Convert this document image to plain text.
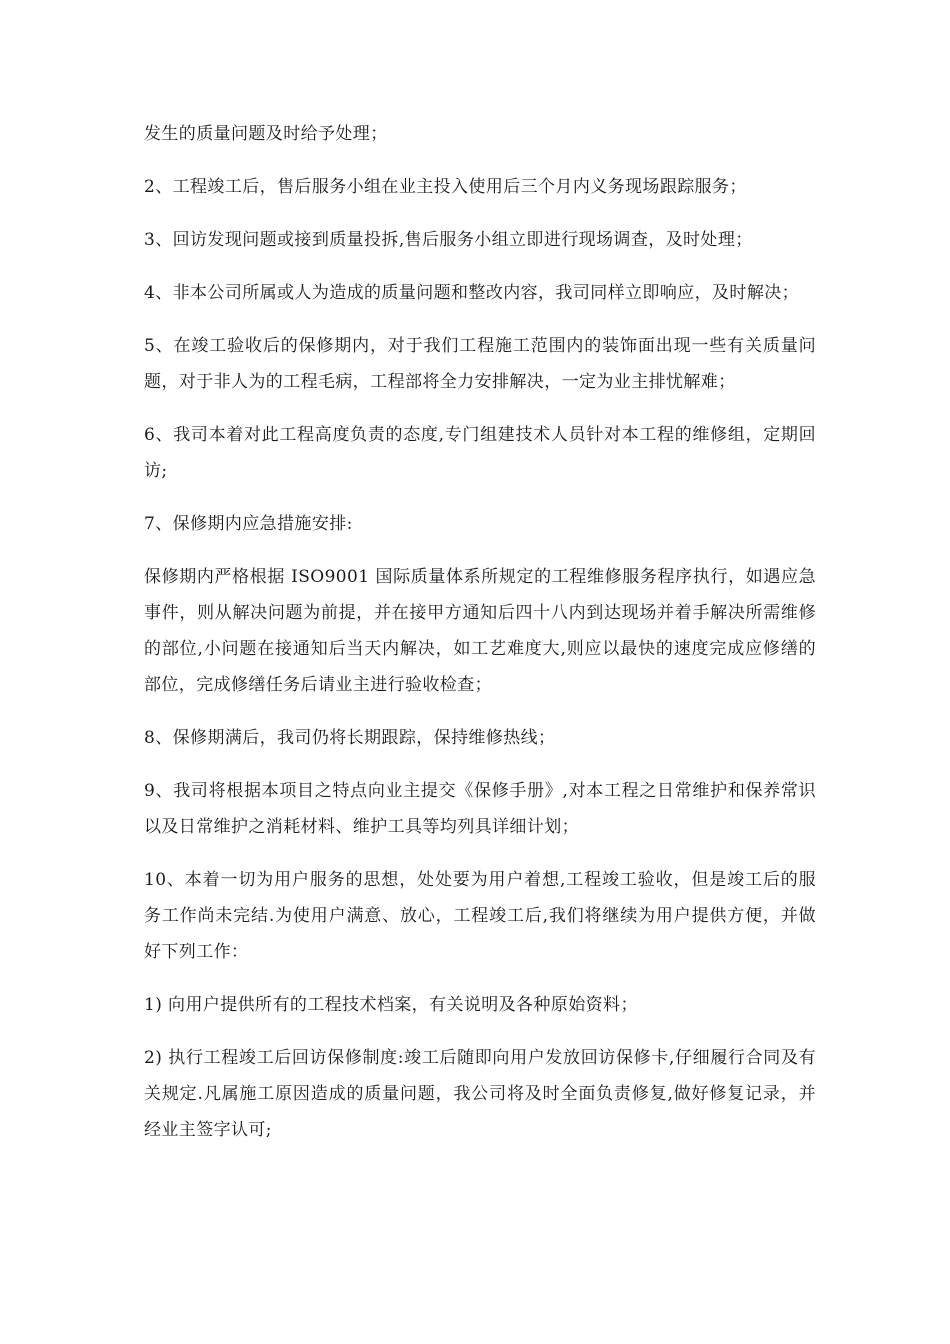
发生的质量问题及时给予处理；

2、工程竣工后，售后服务小组在业主投入使用后三个月内义务现场跟踪服务；

3、回访发现问题或接到质量投拆,售后服务小组立即进行现场调查，及时处理；

4、非本公司所属或人为造成的质量问题和整改内容，我司同样立即响应，及时解决；

5、在竣工验收后的保修期内，对于我们工程施工范围内的装饰面出现一些有关质量问题，对于非人为的工程毛病，工程部将全力安排解决，一定为业主排忧解难；

6、我司本着对此工程高度负责的态度,专门组建技术人员针对本工程的维修组，定期回访;

7、保修期内应急措施安排:

保修期内严格根据 ISO9001 国际质量体系所规定的工程维修服务程序执行，如遇应急事件，则从解决问题为前提，并在接甲方通知后四十八内到达现场并着手解决所需维修的部位,小问题在接通知后当天内解决，如工艺难度大,则应以最快的速度完成应修缮的部位，完成修缮任务后请业主进行验收检查；

8、保修期满后，我司仍将长期跟踪，保持维修热线；

9、我司将根据本项目之特点向业主提交《保修手册》,对本工程之日常维护和保养常识以及日常维护之消耗材料、维护工具等均列具详细计划；

10、本着一切为用户服务的思想，处处要为用户着想,工程竣工验收，但是竣工后的服务工作尚未完结.为使用户满意、放心，工程竣工后,我们将继续为用户提供方便，并做好下列工作：

1) 向用户提供所有的工程技术档案，有关说明及各种原始资料；

2) 执行工程竣工后回访保修制度:竣工后随即向用户发放回访保修卡,仔细履行合同及有关规定.凡属施工原因造成的质量问题，我公司将及时全面负责修复,做好修复记录，并经业主签字认可;
